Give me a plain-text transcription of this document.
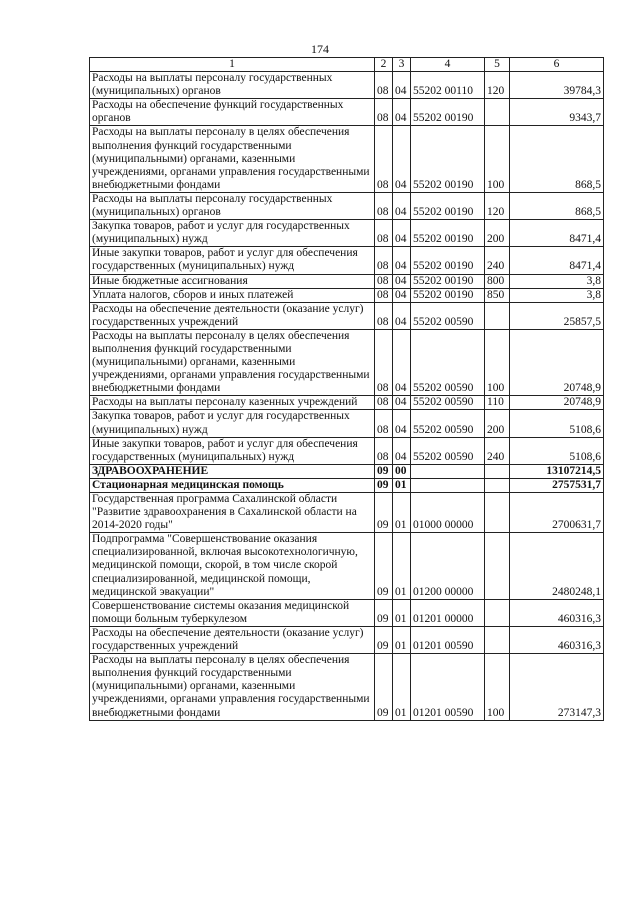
174
1	2	3	4	5	6

Расходы на выплаты персоналу государственных (муниципальных) органов	08	04	55202 00110	120	39784,3

Расходы на обеспечение функций государственных органов	08	04	55202 00190		9343,7

Расходы на выплаты персоналу в целях обеспечения выполнения функций государственными (муниципальными) органами, казенными учреждениями, органами управления государственными внебюджетными фондами	08	04	55202 00190	100	868,5

Расходы на выплаты персоналу государственных (муниципальных) органов	08	04	55202 00190	120	868,5

Закупка товаров, работ и услуг для государственных (муниципальных) нужд	08	04	55202 00190	200	8471,4

Иные закупки товаров, работ и услуг для обеспечения государственных (муниципальных) нужд	08	04	55202 00190	240	8471,4

Иные бюджетные ассигнования	08	04	55202 00190	800	3,8

Уплата налогов, сборов и иных платежей	08	04	55202 00190	850	3,8

Расходы на обеспечение деятельности (оказание услуг) государственных учреждений	08	04	55202 00590		25857,5

Расходы на выплаты персоналу в целях обеспечения выполнения функций государственными (муниципальными) органами, казенными учреждениями, органами управления государственными внебюджетными фондами	08	04	55202 00590	100	20748,9

Расходы на выплаты персоналу казенных учреждений	08	04	55202 00590	110	20748,9

Закупка товаров, работ и услуг для государственных (муниципальных) нужд	08	04	55202 00590	200	5108,6

Иные закупки товаров, работ и услуг для обеспечения государственных (муниципальных) нужд	08	04	55202 00590	240	5108,6

ЗДРАВООХРАНЕНИЕ	09	00			13107214,5

Стационарная медицинская помощь	09	01			2757531,7

Государственная программа Сахалинской области "Развитие здравоохранения в Сахалинской области на 2014-2020 годы"	09	01	01000 00000		2700631,7

Подпрограмма "Совершенствование оказания специализированной, включая высокотехнологичную, медицинской помощи, скорой, в том числе скорой специализированной, медицинской помощи, медицинской эвакуации"	09	01	01200 00000		2480248,1

Совершенствование системы оказания медицинской помощи больным туберкулезом	09	01	01201 00000		460316,3

Расходы на обеспечение деятельности (оказание услуг) государственных учреждений	09	01	01201 00590		460316,3

Расходы на выплаты персоналу в целях обеспечения выполнения функций государственными (муниципальными) органами, казенными учреждениями, органами управления государственными внебюджетными фондами	09	01	01201 00590	100	273147,3
